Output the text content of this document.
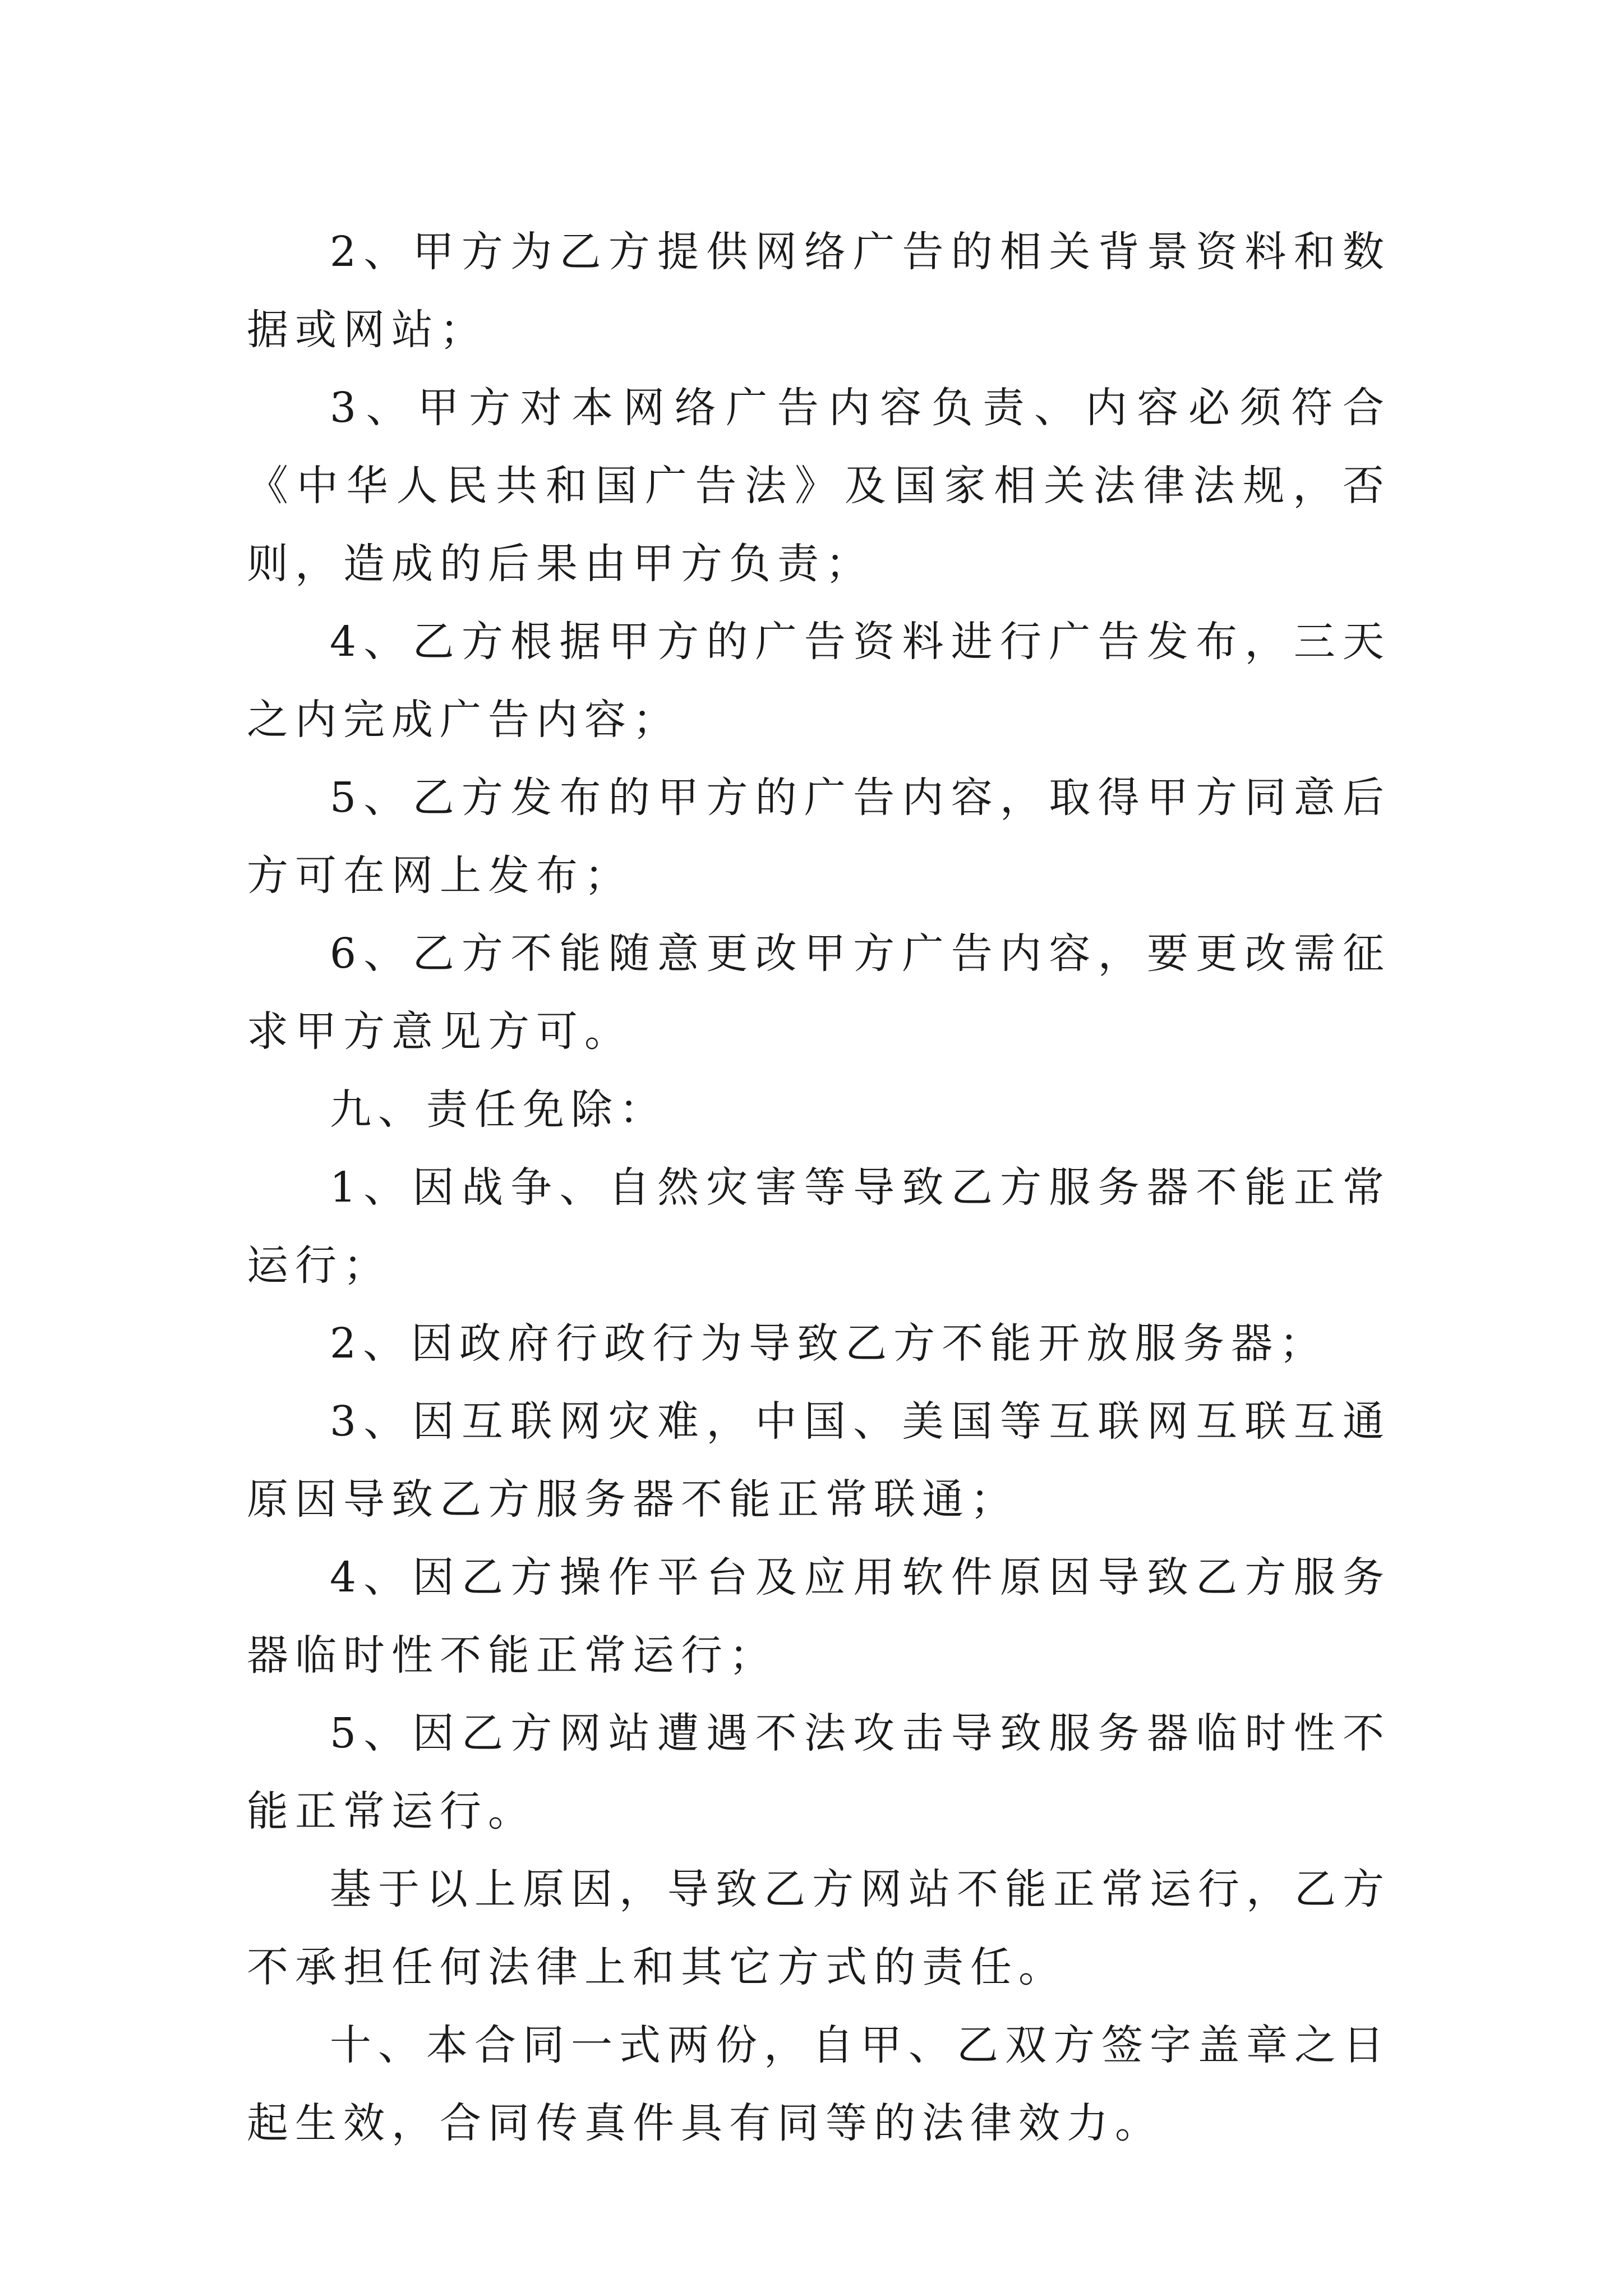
2、甲方为乙方提供网络广告的相关背景资料和数据或网站；

3、甲方对本网络广告内容负责、内容必须符合《中华人民共和国广告法》及国家相关法律法规，否则，造成的后果由甲方负责；

4、乙方根据甲方的广告资料进行广告发布，三天之内完成广告内容；

5、乙方发布的甲方的广告内容，取得甲方同意后方可在网上发布；

6、乙方不能随意更改甲方广告内容，要更改需征求甲方意见方可。

九、责任免除：

1、因战争、自然灾害等导致乙方服务器不能正常运行；

2、因政府行政行为导致乙方不能开放服务器；

3、因互联网灾难，中国、美国等互联网互联互通原因导致乙方服务器不能正常联通；

4、因乙方操作平台及应用软件原因导致乙方服务器临时性不能正常运行；

5、因乙方网站遭遇不法攻击导致服务器临时性不能正常运行。

基于以上原因，导致乙方网站不能正常运行，乙方不承担任何法律上和其它方式的责任。

十、本合同一式两份，自甲、乙双方签字盖章之日起生效，合同传真件具有同等的法律效力。
